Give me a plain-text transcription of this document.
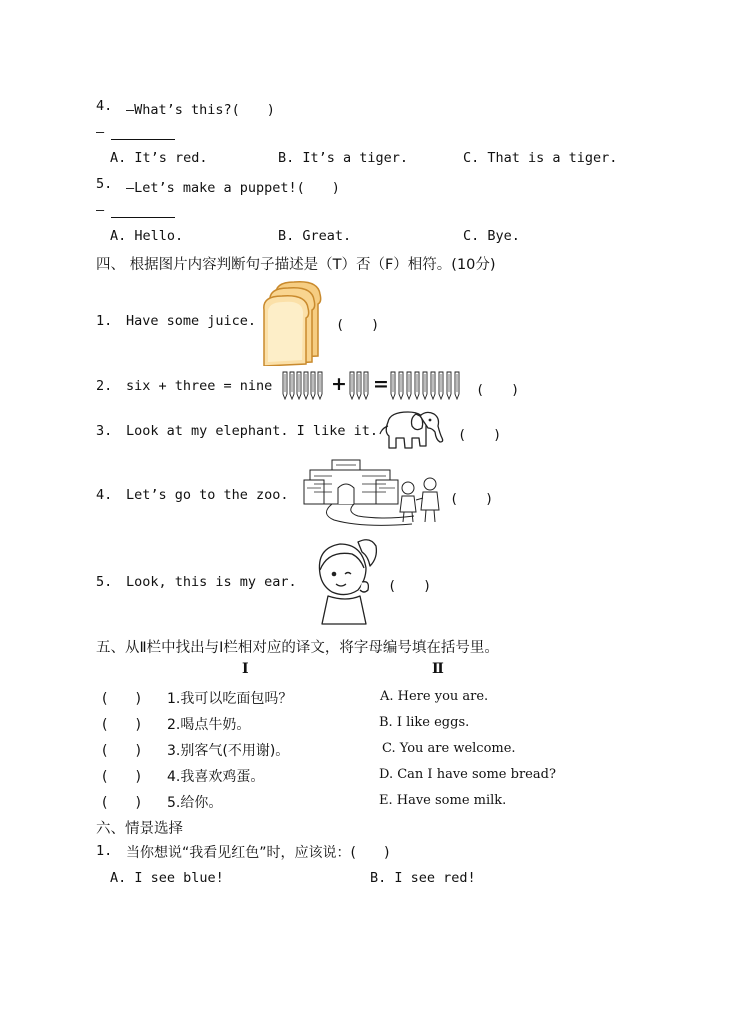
4. —What’s this?(　　)
—
A. It’s red.	B. It’s a tiger.	C. That is a tiger.
5. —Let’s make a puppet!(　　)
—
A. Hello.	B. Great.	C. Bye.
四、 根据图片内容判断句子描述是（T）否（F）相符。(10分)
1. Have some juice.	(　　)
2. six + three = nine	+ =	(　　)
3. Look at my elephant. I like it.	(　　)
4. Let’s go to the zoo.	(　　)
5. Look, this is my ear.	(　　)
五、从Ⅱ栏中找出与Ⅰ栏相对应的译文，将字母编号填在括号里。
Ⅰ	Ⅱ
(　　) 1.我可以吃面包吗？	A. Here you are.
(　　) 2.喝点牛奶。	B. I like eggs.
(　　) 3.别客气(不用谢)。	C. You are welcome.
(　　) 4.我喜欢鸡蛋。	D. Can I have some bread?
(　　) 5.给你。	E. Have some milk.
六、情景选择
1. 当你想说“我看见红色”时，应该说：(　　)
A. I see blue!	B. I see red!
